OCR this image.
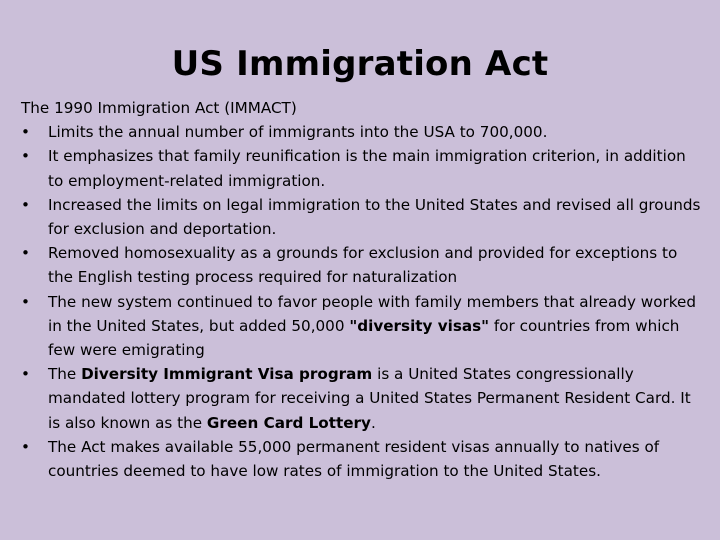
US Immigration Act

The 1990 Immigration Act (IMMACT)

• Limits the annual number of immigrants into the USA to 700,000.
• It emphasizes that family reunification is the main immigration criterion, in addition to employment-related immigration.
• Increased the limits on legal immigration to the United States and revised all grounds for exclusion and deportation.
• Removed homosexuality as a grounds for exclusion and provided for exceptions to the English testing process required for naturalization
• The new system continued to favor people with family members that already worked in the United States, but added 50,000 "diversity visas" for countries from which few were emigrating
• The Diversity Immigrant Visa program is a United States congressionally mandated lottery program for receiving a United States Permanent Resident Card. It is also known as the Green Card Lottery.
• The Act makes available 55,000 permanent resident visas annually to natives of countries deemed to have low rates of immigration to the United States.
